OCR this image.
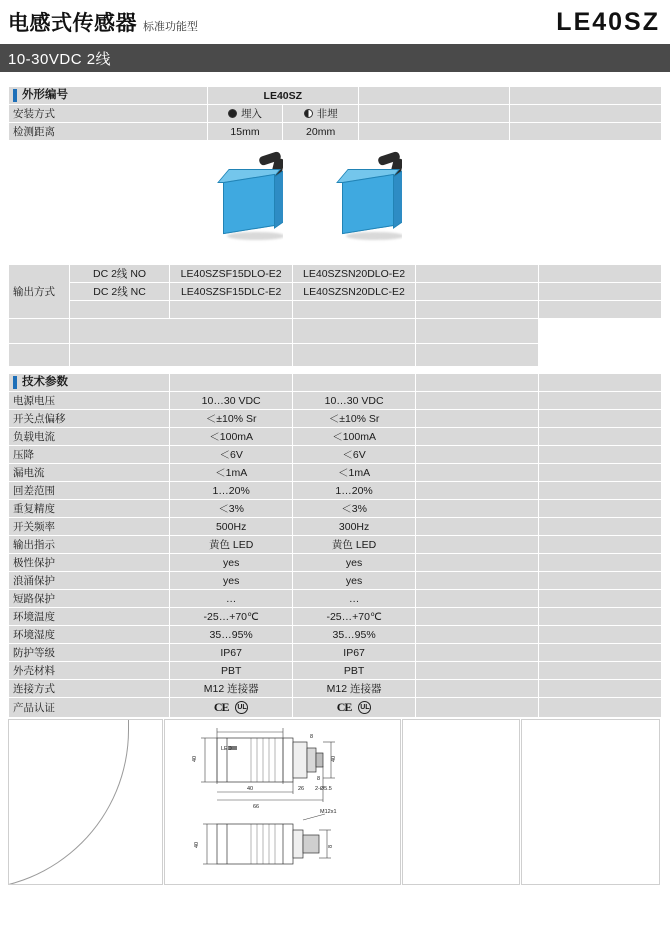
电感式传感器 标准功能型	LE40SZ
10-30VDC 2线
外形编号	LE40SZ			
安装方式	埋入	非埋		
检测距离	15mm	20mm		
输出方式	DC 2线 NO	LE40SZSF15DLO-E2	LE40SZSN20DLO-E2		
	DC 2线 NC	LE40SZSF15DLC-E2	LE40SZSN20DLC-E2		

技术参数				
电源电压	10…30 VDC	10…30 VDC		
开关点偏移	＜±10% Sr	＜±10% Sr		
负载电流	＜100mA	＜100mA		
压降	＜6V	＜6V		
漏电流	＜1mA	＜1mA		
回差范围	1…20%	1…20%		
重复精度	＜3%	＜3%		
开关频率	500Hz	300Hz		
输出指示	黄色 LED	黄色 LED		
极性保护	yes	yes		
浪涌保护	yes	yes		
短路保护	…	…		
环境温度	-25…+70℃	-25…+70℃		
环境湿度	35…95%	35…95%		
防护等级	IP67	IP67		
外壳材料	PBT	PBT		
连接方式	M12 连接器	M12 连接器		
产品认证	CE UL	CE UL		

LED
40	40
40
66
26
8
8
2-Ø5.5
40	8
M12x1
